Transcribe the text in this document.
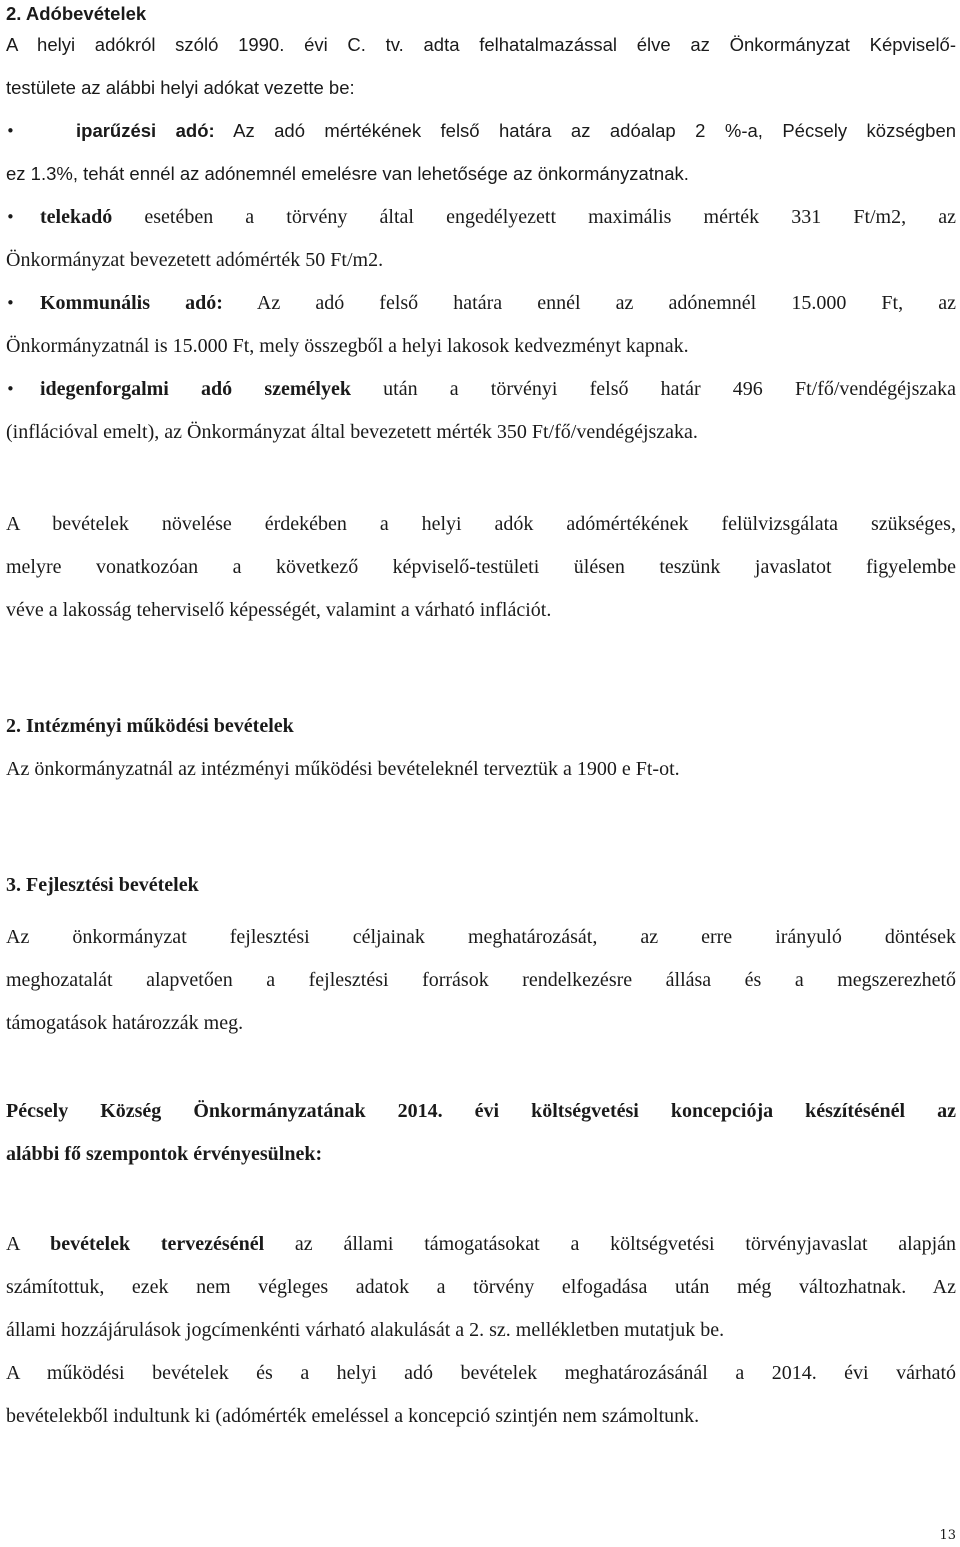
2. Adóbevételek
A helyi adókról szóló 1990. évi C. tv. adta felhatalmazással élve az Önkormányzat Képviselő-
testülete az alábbi helyi adókat vezette be:
•	iparűzési adó: Az adó mértékének felső határa az adóalap 2 %-a, Pécsely községben
ez 1.3%, tehát ennél az adónemnél emelésre van lehetősége az önkormányzatnak.
• telekadó esetében a törvény által engedélyezett maximális mérték 331 Ft/m2, az
Önkormányzat bevezetett adómérték 50 Ft/m2.
• Kommunális adó: Az adó felső határa ennél az adónemnél 15.000 Ft, az
Önkormányzatnál is 15.000 Ft, mely összegből a helyi lakosok kedvezményt kapnak.
• idegenforgalmi adó személyek után a törvényi felső határ 496 Ft/fő/vendégéjszaka
(inflációval emelt), az Önkormányzat által bevezetett mérték 350 Ft/fő/vendégéjszaka.
A bevételek növelése érdekében a helyi adók adómértékének felülvizsgálata szükséges,
melyre vonatkozóan a következő képviselő-testületi ülésen teszünk javaslatot figyelembe
véve a lakosság teherviselő képességét, valamint a várható inflációt.
2. Intézményi működési bevételek
Az önkormányzatnál az intézményi működési bevételeknél terveztük a 1900 e Ft-ot.
3. Fejlesztési bevételek
Az önkormányzat fejlesztési céljainak meghatározását, az erre irányuló döntések
meghozatalát alapvetően a fejlesztési források rendelkezésre állása és a megszerezhető
támogatások határozzák meg.
Pécsely Község Önkormányzatának 2014. évi költségvetési koncepciója készítésénél az
alábbi fő szempontok érvényesülnek:
A bevételek tervezésénél az állami támogatásokat a költségvetési törvényjavaslat alapján
számítottuk, ezek nem végleges adatok a törvény elfogadása után még változhatnak. Az
állami hozzájárulások jogcímenkénti várható alakulását a 2. sz. mellékletben mutatjuk be.
A működési bevételek és a helyi adó bevételek meghatározásánál a 2014. évi várható
bevételekből indultunk ki (adómérték emeléssel a koncepció szintjén nem számoltunk.
13
